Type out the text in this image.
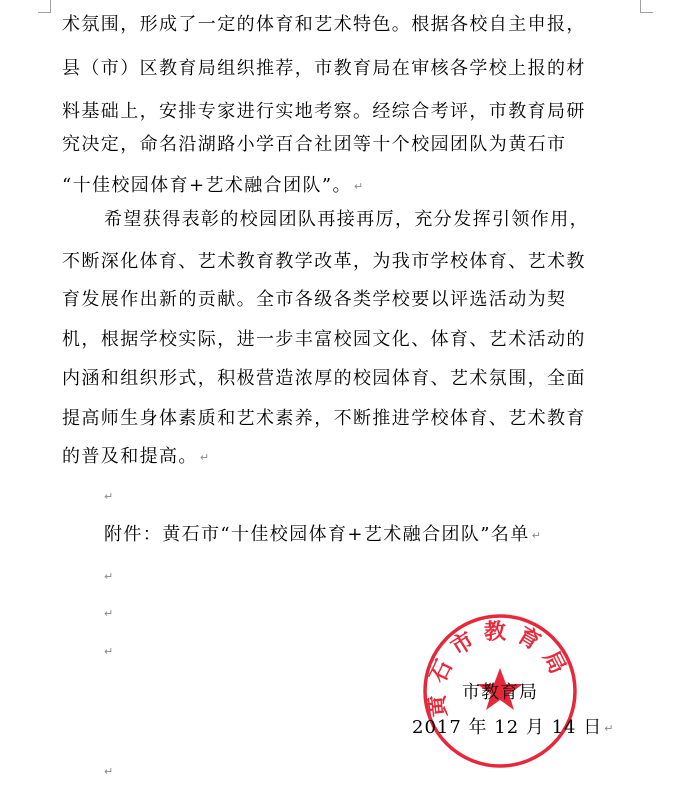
术氛围，形成了一定的体育和艺术特色。根据各校自主申报，
县（市）区教育局组织推荐，市教育局在审核各学校上报的材
料基础上，安排专家进行实地考察。经综合考评，市教育局研
究决定，命名沿湖路小学百合社团等十个校园团队为黄石市
“十佳校园体育+艺术融合团队”。 ↵
希望获得表彰的校园团队再接再厉，充分发挥引领作用，
不断深化体育、艺术教育教学改革，为我市学校体育、艺术教
育发展作出新的贡献。全市各级各类学校要以评选活动为契
机，根据学校实际，进一步丰富校园文化、体育、艺术活动的
内涵和组织形式，积极营造浓厚的校园体育、艺术氛围，全面
提高师生身体素质和艺术素养，不断推进学校体育、艺术教育
的普及和提高。 ↵
↵
附件：黄石市“十佳校园体育+艺术融合团队”名单 ↵
↵
↵
↵
黄石市教育局
市教育局
2017 年 12 月 14 日 ↵
↵
